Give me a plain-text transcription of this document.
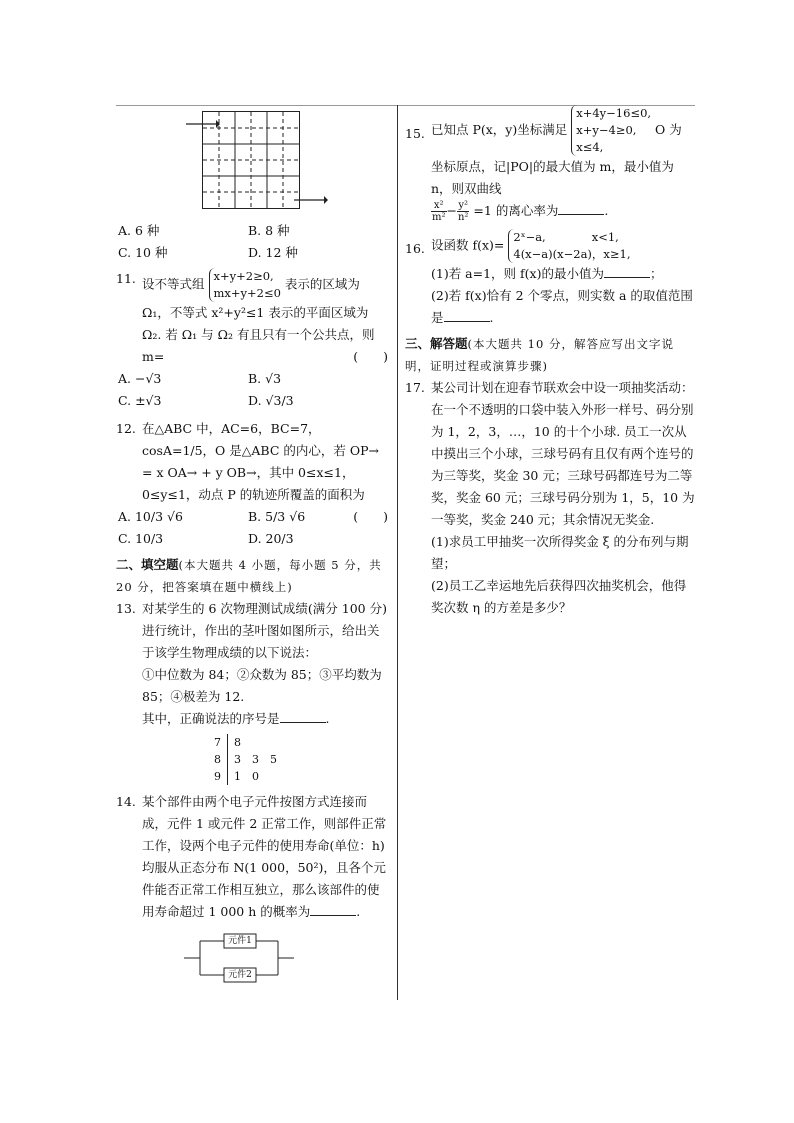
A. 6 种	B. 8 种
C. 10 种	D. 12 种
11. 设不等式组 x+y+2≥0,
mx+y+2≤0 表示的区域为 Ω₁，不等式 x²+y²≤1 表示的平面区域为 Ω₂. 若 Ω₁ 与 Ω₂ 有且只有一个公共点，则 m=	(　　)
A. −√3	B. √3
C. ±√3	D. √3/3
12. 在△ABC 中，AC=6，BC=7，cosA=1/5，O 是△ABC 的内心，若 OP→ = x OA→ + y OB→，其中 0≤x≤1，0≤y≤1，动点 P 的轨迹所覆盖的面积为
(　　)
A. 10/3 √6	B. 5/3 √6
C. 10/3	D. 20/3

二、填空题(本大题共 4 小题，每小题 5 分，共 20 分，把答案填在题中横线上)

13. 对某学生的 6 次物理测试成绩(满分 100 分)进行统计，作出的茎叶图如图所示，给出关于该学生物理成绩的以下说法：

①中位数为 84；②众数为 85；③平均数为 85；④极差为 12.

其中，正确说法的序号是	.

7	8
8	3　3　5
9	1　0
14. 某个部件由两个电子元件按图方式连接而成，元件 1 或元件 2 正常工作，则部件正常工作，设两个电子元件的使用寿命(单位：h)均服从正态分布 N(1 000，50²)，且各个元件能否正常工作相互独立，那么该部件的使用寿命超过 1 000 h 的概率为	.
元件1
元件2
15. 已知点 P(x，y)坐标满足 x+4y−16≤0,
x+y−4≥0,
x≤4, O 为

坐标原点，记|PO|的最大值为 m，最小值为 n，则双曲线

$\frac{\text{x²}}{\text{m²}} - \frac{\text{y²}}{\text{n²}} =1$ 的离心率为	.

16. 设函数 f(x)= 2ˣ−a,　　　　x<1,
4(x−a)(x−2a)，x≥1,

(1)若 a=1，则 f(x)的最小值为	；

(2)若 f(x)恰有 2 个零点，则实数 a 的取值范围是	.

三、解答题(本大题共 10 分，解答应写出文字说明，证明过程或演算步骤)

17. 某公司计划在迎春节联欢会中设一项抽奖活动：在一个不透明的口袋中装入外形一样号、码分别为 1，2，3，…，10 的十个小球. 员工一次从中摸出三个小球，三球号码有且仅有两个连号的为三等奖，奖金 30 元；三球号码都连号为二等奖，奖金 60 元；三球号码分别为 1，5，10 为一等奖，奖金 240 元；其余情况无奖金.

(1)求员工甲抽奖一次所得奖金 ξ 的分布列与期望；

(2)员工乙幸运地先后获得四次抽奖机会，他得奖次数 η 的方差是多少？
